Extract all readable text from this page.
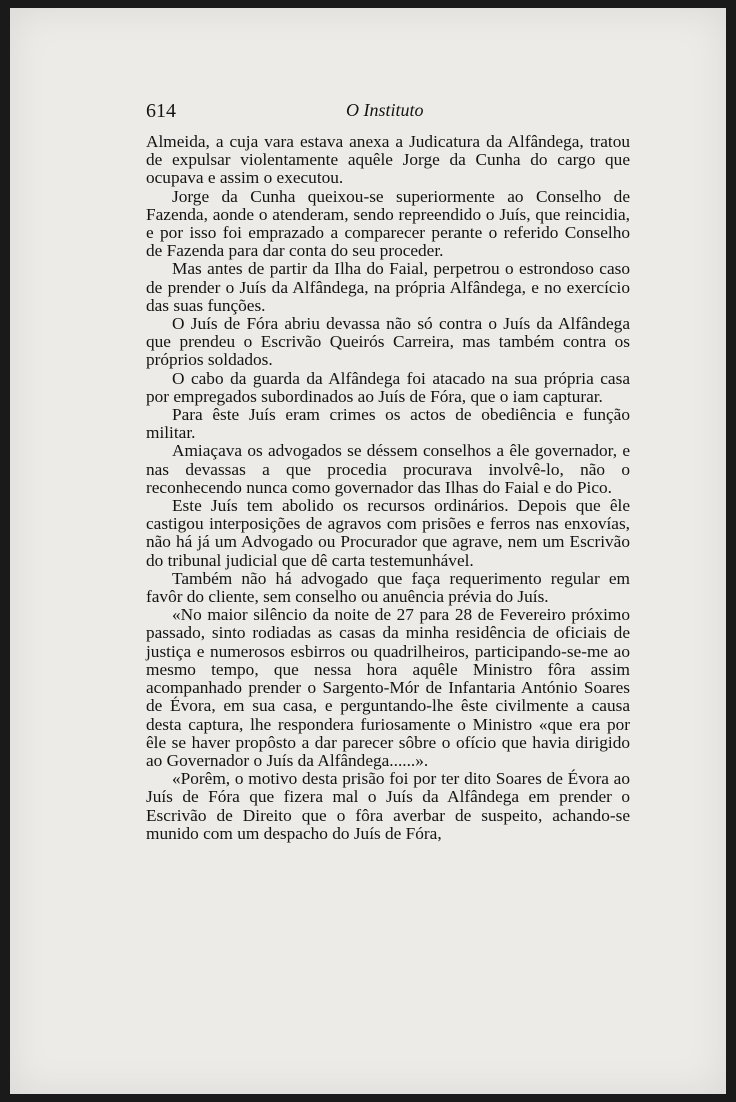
614	O Instituto

Almeida, a cuja vara estava anexa a Judicatura da Alfândega, tratou de expulsar violentamente aquêle Jorge da Cunha do cargo que ocupava e assim o executou.

Jorge da Cunha queixou-se superiormente ao Conselho de Fazenda, aonde o atenderam, sendo repreendido o Juís, que reincidia, e por isso foi emprazado a comparecer perante o referido Conselho de Fazenda para dar conta do seu proceder.

Mas antes de partir da Ilha do Faial, perpetrou o estrondoso caso de prender o Juís da Alfândega, na própria Alfândega, e no exercício das suas funções.

O Juís de Fóra abriu devassa não só contra o Juís da Alfândega que prendeu o Escrivão Queirós Carreira, mas também contra os próprios soldados.

O cabo da guarda da Alfândega foi atacado na sua própria casa por empregados subordinados ao Juís de Fóra, que o iam capturar.

Para êste Juís eram crimes os actos de obediência e função militar.

Amiaçava os advogados se déssem conselhos a êle governador, e nas devassas a que procedia procurava involvê-lo, não o reconhecendo nunca como governador das Ilhas do Faial e do Pico.

Este Juís tem abolido os recursos ordinários. Depois que êle castigou interposições de agravos com prisões e ferros nas enxovías, não há já um Advogado ou Procurador que agrave, nem um Escrivão do tribunal judicial que dê carta testemunhável.

Também não há advogado que faça requerimento regular em favôr do cliente, sem conselho ou anuência prévia do Juís.

«No maior silêncio da noite de 27 para 28 de Fevereiro próximo passado, sinto rodiadas as casas da minha residência de oficiais de justiça e numerosos esbirros ou quadrilheiros, participando-se-me ao mesmo tempo, que nessa hora aquêle Ministro fôra assim acompanhado prender o Sargento-Mór de Infantaria António Soares de Évora, em sua casa, e perguntando-lhe êste civilmente a causa desta captura, lhe respondera furiosamente o Ministro «que era por êle se haver propôsto a dar parecer sôbre o ofício que havia dirigido ao Governador o Juís da Alfândega......».

«Porêm, o motivo desta prisão foi por ter dito Soares de Évora ao Juís de Fóra que fizera mal o Juís da Alfândega em prender o Escrivão de Direito que o fôra averbar de suspeito, achando-se munido com um despacho do Juís de Fóra,
